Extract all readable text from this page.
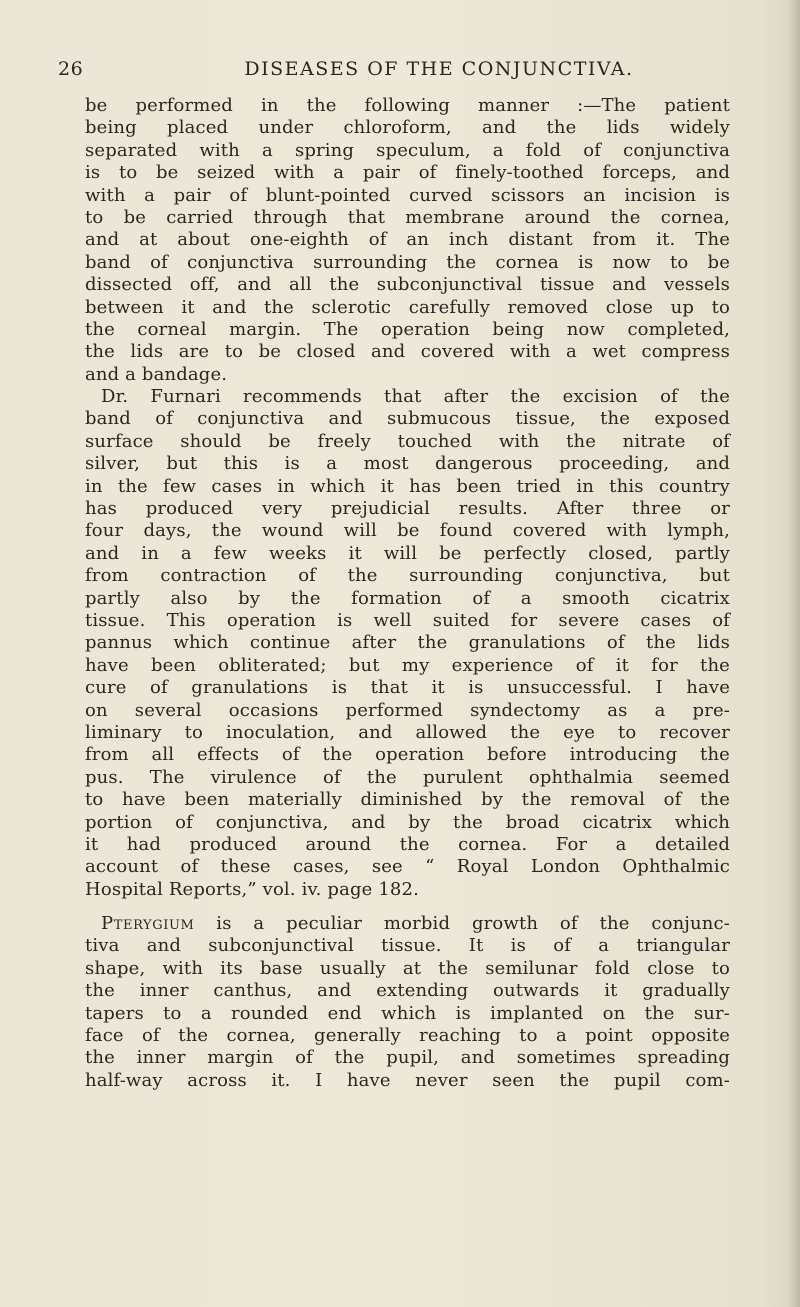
26	DISEASES OF THE CONJUNCTIVA.
be performed in the following manner :—The patient
being placed under chloroform, and the lids widely
separated with a spring speculum, a fold of conjunctiva
is to be seized with a pair of finely-toothed forceps, and
with a pair of blunt-pointed curved scissors an incision is
to be carried through that membrane around the cornea,
and at about one-eighth of an inch distant from it. The
band of conjunctiva surrounding the cornea is now to be
dissected off, and all the subconjunctival tissue and vessels
between it and the sclerotic carefully removed close up to
the corneal margin. The operation being now completed,
the lids are to be closed and covered with a wet compress
and a bandage.
Dr. Furnari recommends that after the excision of the
band of conjunctiva and submucous tissue, the exposed
surface should be freely touched with the nitrate of
silver, but this is a most dangerous proceeding, and
in the few cases in which it has been tried in this country
has produced very prejudicial results. After three or
four days, the wound will be found covered with lymph,
and in a few weeks it will be perfectly closed, partly
from contraction of the surrounding conjunctiva, but
partly also by the formation of a smooth cicatrix
tissue. This operation is well suited for severe cases of
pannus which continue after the granulations of the lids
have been obliterated; but my experience of it for the
cure of granulations is that it is unsuccessful. I have
on several occasions performed syndectomy as a pre-
liminary to inoculation, and allowed the eye to recover
from all effects of the operation before introducing the
pus. The virulence of the purulent ophthalmia seemed
to have been materially diminished by the removal of the
portion of conjunctiva, and by the broad cicatrix which
it had produced around the cornea. For a detailed
account of these cases, see “ Royal London Ophthalmic
Hospital Reports,” vol. iv. page 182.
Pterygium is a peculiar morbid growth of the conjunc-
tiva and subconjunctival tissue. It is of a triangular
shape, with its base usually at the semilunar fold close to
the inner canthus, and extending outwards it gradually
tapers to a rounded end which is implanted on the sur-
face of the cornea, generally reaching to a point opposite
the inner margin of the pupil, and sometimes spreading
half-way across it. I have never seen the pupil com-
